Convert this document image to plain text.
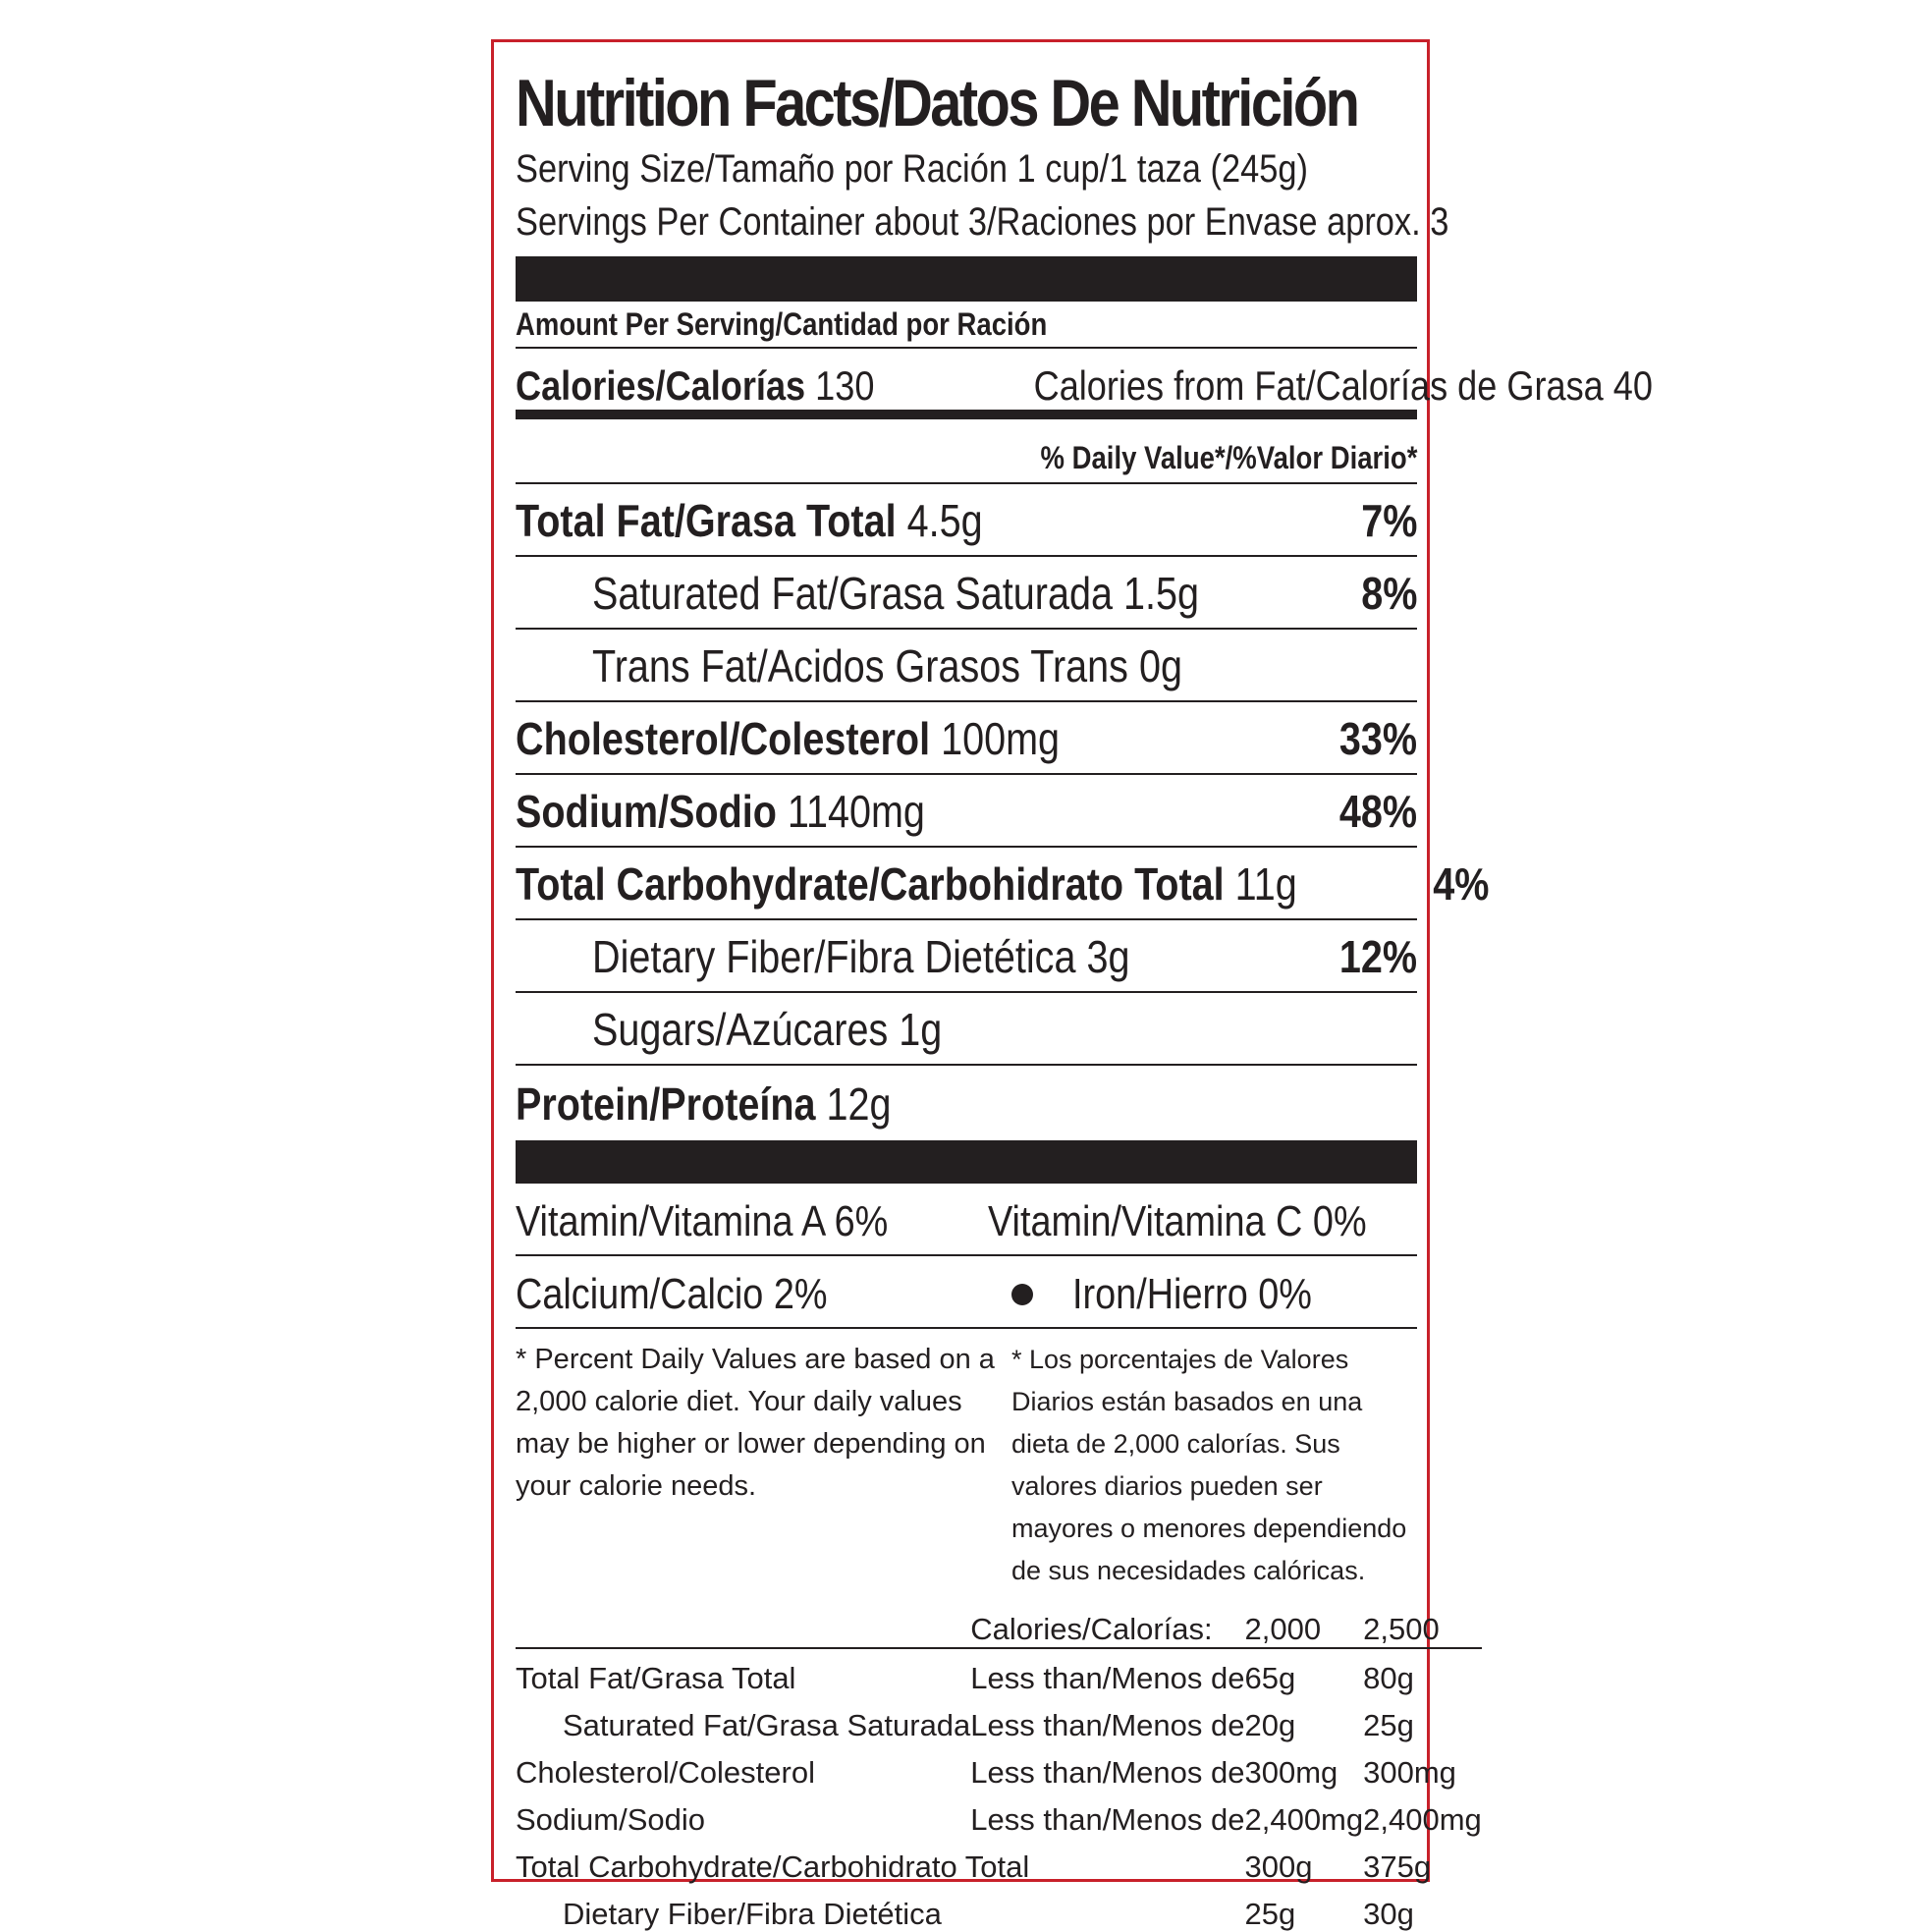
Nutrition Facts/Datos De Nutrición
Serving Size/Tamaño por Ración 1 cup/1 taza (245g)
Servings Per Container about 3/Raciones por Envase aprox. 3
Amount Per Serving/Cantidad por Ración
Calories/Calorías 130	Calories from Fat/Calorías de Grasa 40
% Daily Value*/%Valor Diario*
Total Fat/Grasa Total 4.5g	7%
Saturated Fat/Grasa Saturada 1.5g	8%
Trans Fat/Acidos Grasos Trans 0g
Cholesterol/Colesterol 100mg	33%
Sodium/Sodio 1140mg	48%
Total Carbohydrate/Carbohidrato Total 11g	4%
Dietary Fiber/Fibra Dietética 3g	12%
Sugars/Azúcares 1g
Protein/Proteína 12g
Vitamin/Vitamina A 6%	Vitamin/Vitamina C 0%
Calcium/Calcio 2%	Iron/Hierro 0%
* Percent Daily Values are based on a 2,000 calorie diet. Your daily values may be higher or lower depending on your calorie needs.
* Los porcentajes de Valores Diarios están basados en una dieta de 2,000 calorías. Sus valores diarios pueden ser mayores o menores dependiendo de sus necesidades calóricas.
	Calories/Calorías:	2,000	2,500
Total Fat/Grasa Total	Less than/Menos de	65g	80g
Saturated Fat/Grasa Saturada	Less than/Menos de	20g	25g
Cholesterol/Colesterol	Less than/Menos de	300mg	300mg
Sodium/Sodio	Less than/Menos de	2,400mg	2,400mg
Total Carbohydrate/Carbohidrato Total		300g	375g
Dietary Fiber/Fibra Dietética		25g	30g
